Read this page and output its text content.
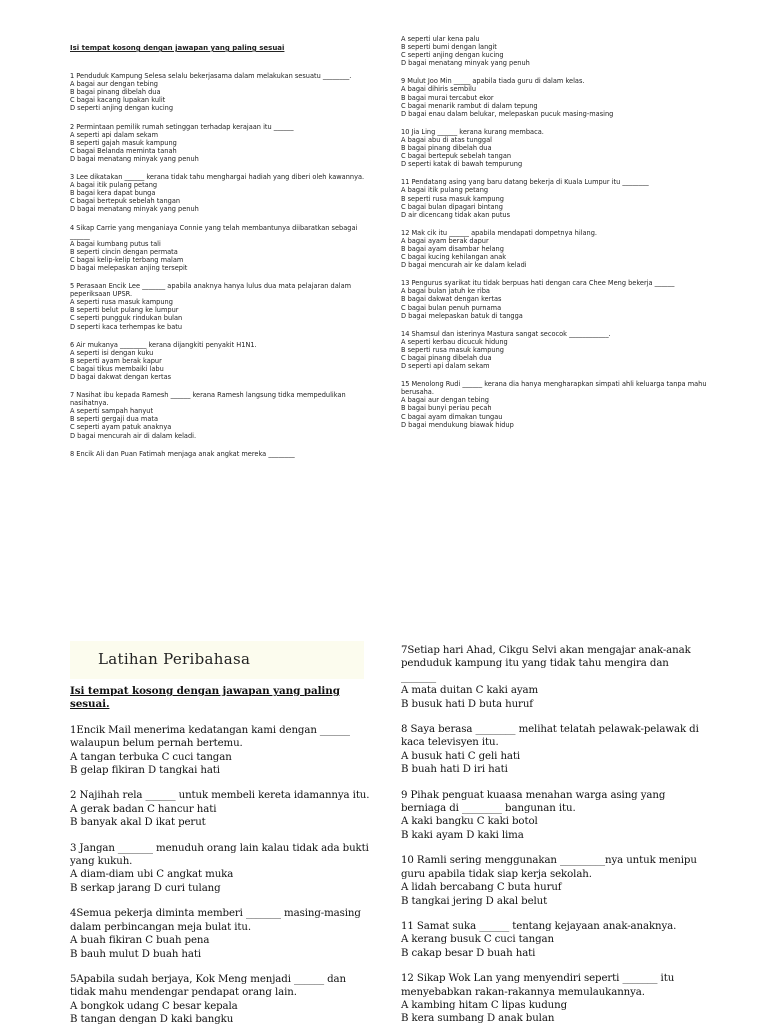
Isi tempat kosong dengan jawapan yang paling sesuai

1 Penduduk Kampung Selesa selalu bekerjasama dalam melakukan sesuatu ________.

A bagai aur dengan tebing

B bagai pinang dibelah dua

C bagai kacang lupakan kulit

D seperti anjing dengan kucing

2 Permintaan pemilik rumah setinggan terhadap kerajaan itu ______

A seperti api dalam sekam

B seperti gajah masuk kampung

C bagai Belanda meminta tanah

D bagai menatang minyak yang penuh

3 Lee dikatakan ______ kerana tidak tahu menghargai hadiah yang diberi oleh kawannya.

A bagai itik pulang petang

B bagai kera dapat bunga

C bagai bertepuk sebelah tangan

D bagai menatang minyak yang penuh

4 Sikap Carrie yang menganiaya Connie yang telah membantunya diibaratkan sebagai ______

A bagai kumbang putus tali

B seperti cincin dengan permata

C bagai kelip-kelip terbang malam

D bagai melepaskan anjing tersepit

5 Perasaan Encik Lee _______ apabila anaknya hanya lulus dua mata pelajaran dalam peperiksaan UPSR.

A seperti rusa masuk kampung

B seperti belut pulang ke lumpur

C seperti pungguk rindukan bulan

D seperti kaca terhempas ke batu

6 Air mukanya ________ kerana dijangkiti penyakit H1N1.

A seperti isi dengan kuku

B seperti ayam berak kapur

C bagai tikus membaiki labu

D bagai dakwat dengan kertas

7 Nasihat ibu kepada Ramesh ______ kerana Ramesh langsung tidka mempedulikan nasihatnya.

A seperti sampah hanyut

B seperti gergaji dua mata

C seperti ayam patuk anaknya

D bagai mencurah air di dalam keladi.

8 Encik Ali dan Puan Fatimah menjaga anak angkat mereka ________

A seperti ular kena palu

B seperti bumi dengan langit

C seperti anjing dengan kucing

D bagai menatang minyak yang penuh

9 Mulut Joo Min _____ apabila tiada guru di dalam kelas.

A bagai dihiris sembilu

B bagai murai tercabut ekor

C bagai menarik rambut di dalam tepung

D bagai enau dalam belukar, melepaskan pucuk masing-masing

10 Jia Ling ______ kerana kurang membaca.

A bagai abu di atas tunggal

B bagai pinang dibelah dua

C bagai bertepuk sebelah tangan

D seperti katak di bawah tempurung

11 Pendatang asing yang baru datang bekerja di Kuala Lumpur itu ________

A bagai itik pulang petang

B seperti rusa masuk kampung

C bagai bulan dipagari bintang

D air dicencang tidak akan putus

12 Mak cik itu ______ apabila mendapati dompetnya hilang.

A bagai ayam berak dapur

B bagai ayam disambar helang

C bagai kucing kehilangan anak

D bagai mencurah air ke dalam keladi

13 Pengurus syarikat itu tidak berpuas hati dengan cara Chee Meng bekerja ______

A bagai bulan jatuh ke riba

B bagai dakwat dengan kertas

C bagai bulan penuh purnama

D bagai melepaskan batuk di tangga

14 Shamsul dan isterinya Mastura sangat secocok ____________.

A seperti kerbau dicucuk hidung

B seperti rusa masuk kampung

C bagai pinang dibelah dua

D seperti api dalam sekam

15 Menolong Rudi ______ kerana dia hanya mengharapkan simpati ahli keluarga tanpa mahu berusaha.

A bagai aur dengan tebing

B bagai bunyi periau pecah

C bagai ayam dimakan tungau

D bagai mendukung biawak hidup

Latihan Peribahasa
Isi tempat kosong dengan jawapan yang paling sesuai.

1Encik Mail menerima kedatangan kami dengan ______ walaupun belum pernah bertemu.

A tangan terbuka C cuci tangan

B gelap fikiran D tangkai hati

2 Najihah rela ______ untuk membeli kereta idamannya itu.

A gerak badan C hancur hati

B banyak akal D ikat perut

3 Jangan _______ menuduh orang lain kalau tidak ada bukti yang kukuh.

A diam-diam ubi C angkat muka

B serkap jarang D curi tulang

4Semua pekerja diminta memberi _______ masing-masing dalam perbincangan meja bulat itu.

A buah fikiran C buah pena

B bauh mulut D buah hati

5Apabila sudah berjaya, Kok Meng menjadi ______ dan tidak mahu mendengar pendapat orang lain.

A bongkok udang C besar kepala

B tangan dengan D kaki bangku

7Setiap hari Ahad, Cikgu Selvi akan mengajar anak-anak penduduk kampung itu yang tidak tahu mengira dan _______

A mata duitan C kaki ayam

B busuk hati D buta huruf

8 Saya berasa ________ melihat telatah pelawak-pelawak di kaca televisyen itu.

A busuk hati C geli hati

B buah hati D iri hati

9 Pihak penguat kuaasa menahan warga asing yang berniaga di ________ bangunan itu.

A kaki bangku C kaki botol

B kaki ayam D kaki lima

10 Ramli sering menggunakan _________nya untuk menipu guru apabila tidak siap kerja sekolah.

A lidah bercabang C buta huruf

B tangkai jering D akal belut

11 Samat suka ______ tentang kejayaan anak-anaknya.

A kerang busuk C cuci tangan

B cakap besar D buah hati

12 Sikap Wok Lan yang menyendiri seperti _______ itu menyebabkan rakan-rakannya memulaukannya.

A kambing hitam C lipas kudung

B kera sumbang D anak bulan
